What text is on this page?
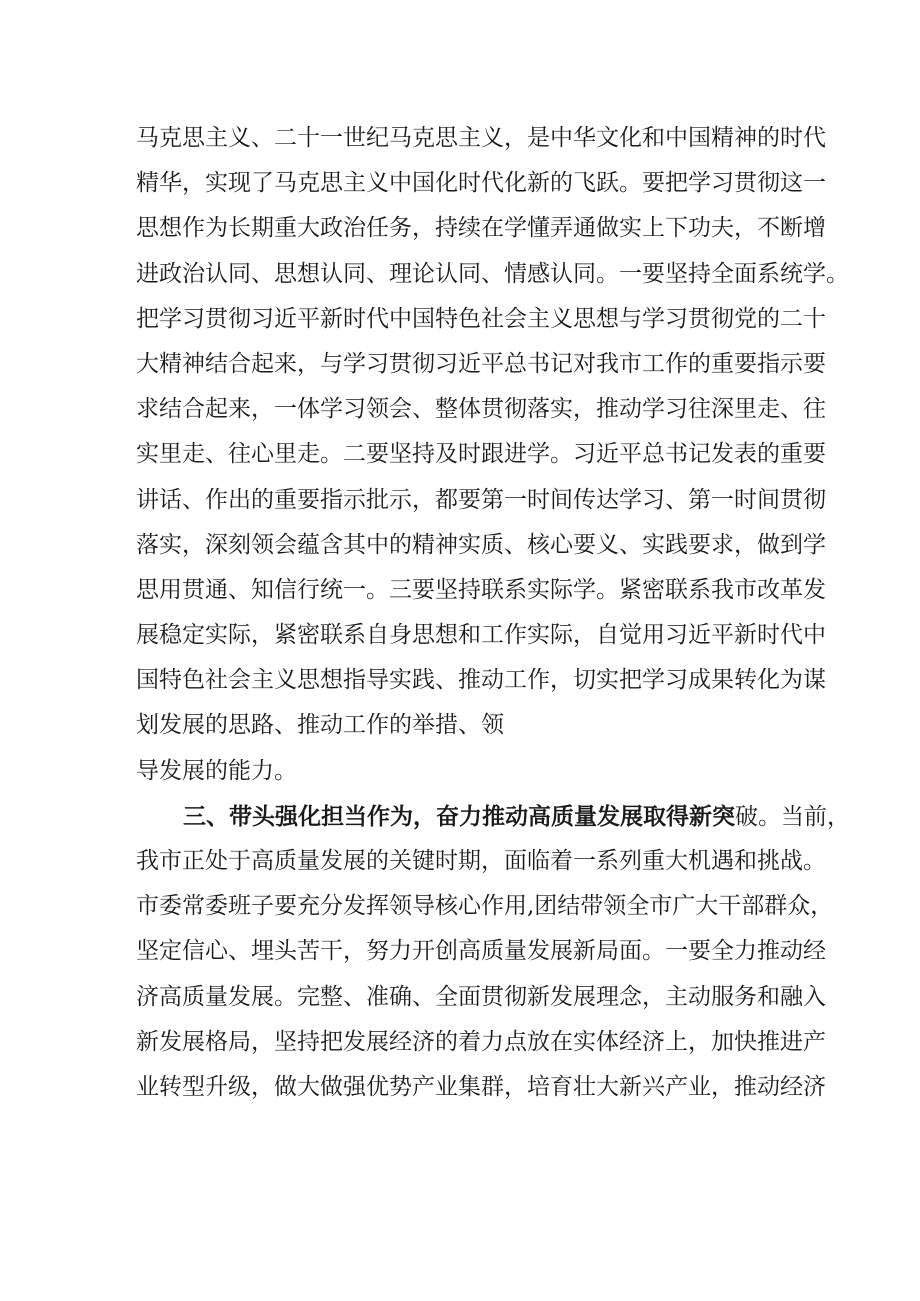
马克思主义、二十一世纪马克思主义，是中华文化和中国精神的时代
精华，实现了马克思主义中国化时代化新的飞跃。要把学习贯彻这一
思想作为长期重大政治任务，持续在学懂弄通做实上下功夫，不断增
进政治认同、思想认同、理论认同、情感认同。一要坚持全面系统学。
把学习贯彻习近平新时代中国特色社会主义思想与学习贯彻党的二十
大精神结合起来，与学习贯彻习近平总书记对我市工作的重要指示要
求结合起来，一体学习领会、整体贯彻落实，推动学习往深里走、往
实里走、往心里走。二要坚持及时跟进学。习近平总书记发表的重要
讲话、作出的重要指示批示，都要第一时间传达学习、第一时间贯彻
落实，深刻领会蕴含其中的精神实质、核心要义、实践要求，做到学
思用贯通、知信行统一。三要坚持联系实际学。紧密联系我市改革发
展稳定实际，紧密联系自身思想和工作实际，自觉用习近平新时代中
国特色社会主义思想指导实践、推动工作，切实把学习成果转化为谋
划发展的思路、推动工作的举措、领
导发展的能力。
三、带头强化担当作为，奋力推动高质量发展取得新突破。当前，
我市正处于高质量发展的关键时期，面临着一系列重大机遇和挑战。
市委常委班子要充分发挥领导核心作用,团结带领全市广大干部群众，
坚定信心、埋头苦干，努力开创高质量发展新局面。一要全力推动经
济高质量发展。完整、准确、全面贯彻新发展理念，主动服务和融入
新发展格局，坚持把发展经济的着力点放在实体经济上，加快推进产
业转型升级，做大做强优势产业集群，培育壮大新兴产业，推动经济
